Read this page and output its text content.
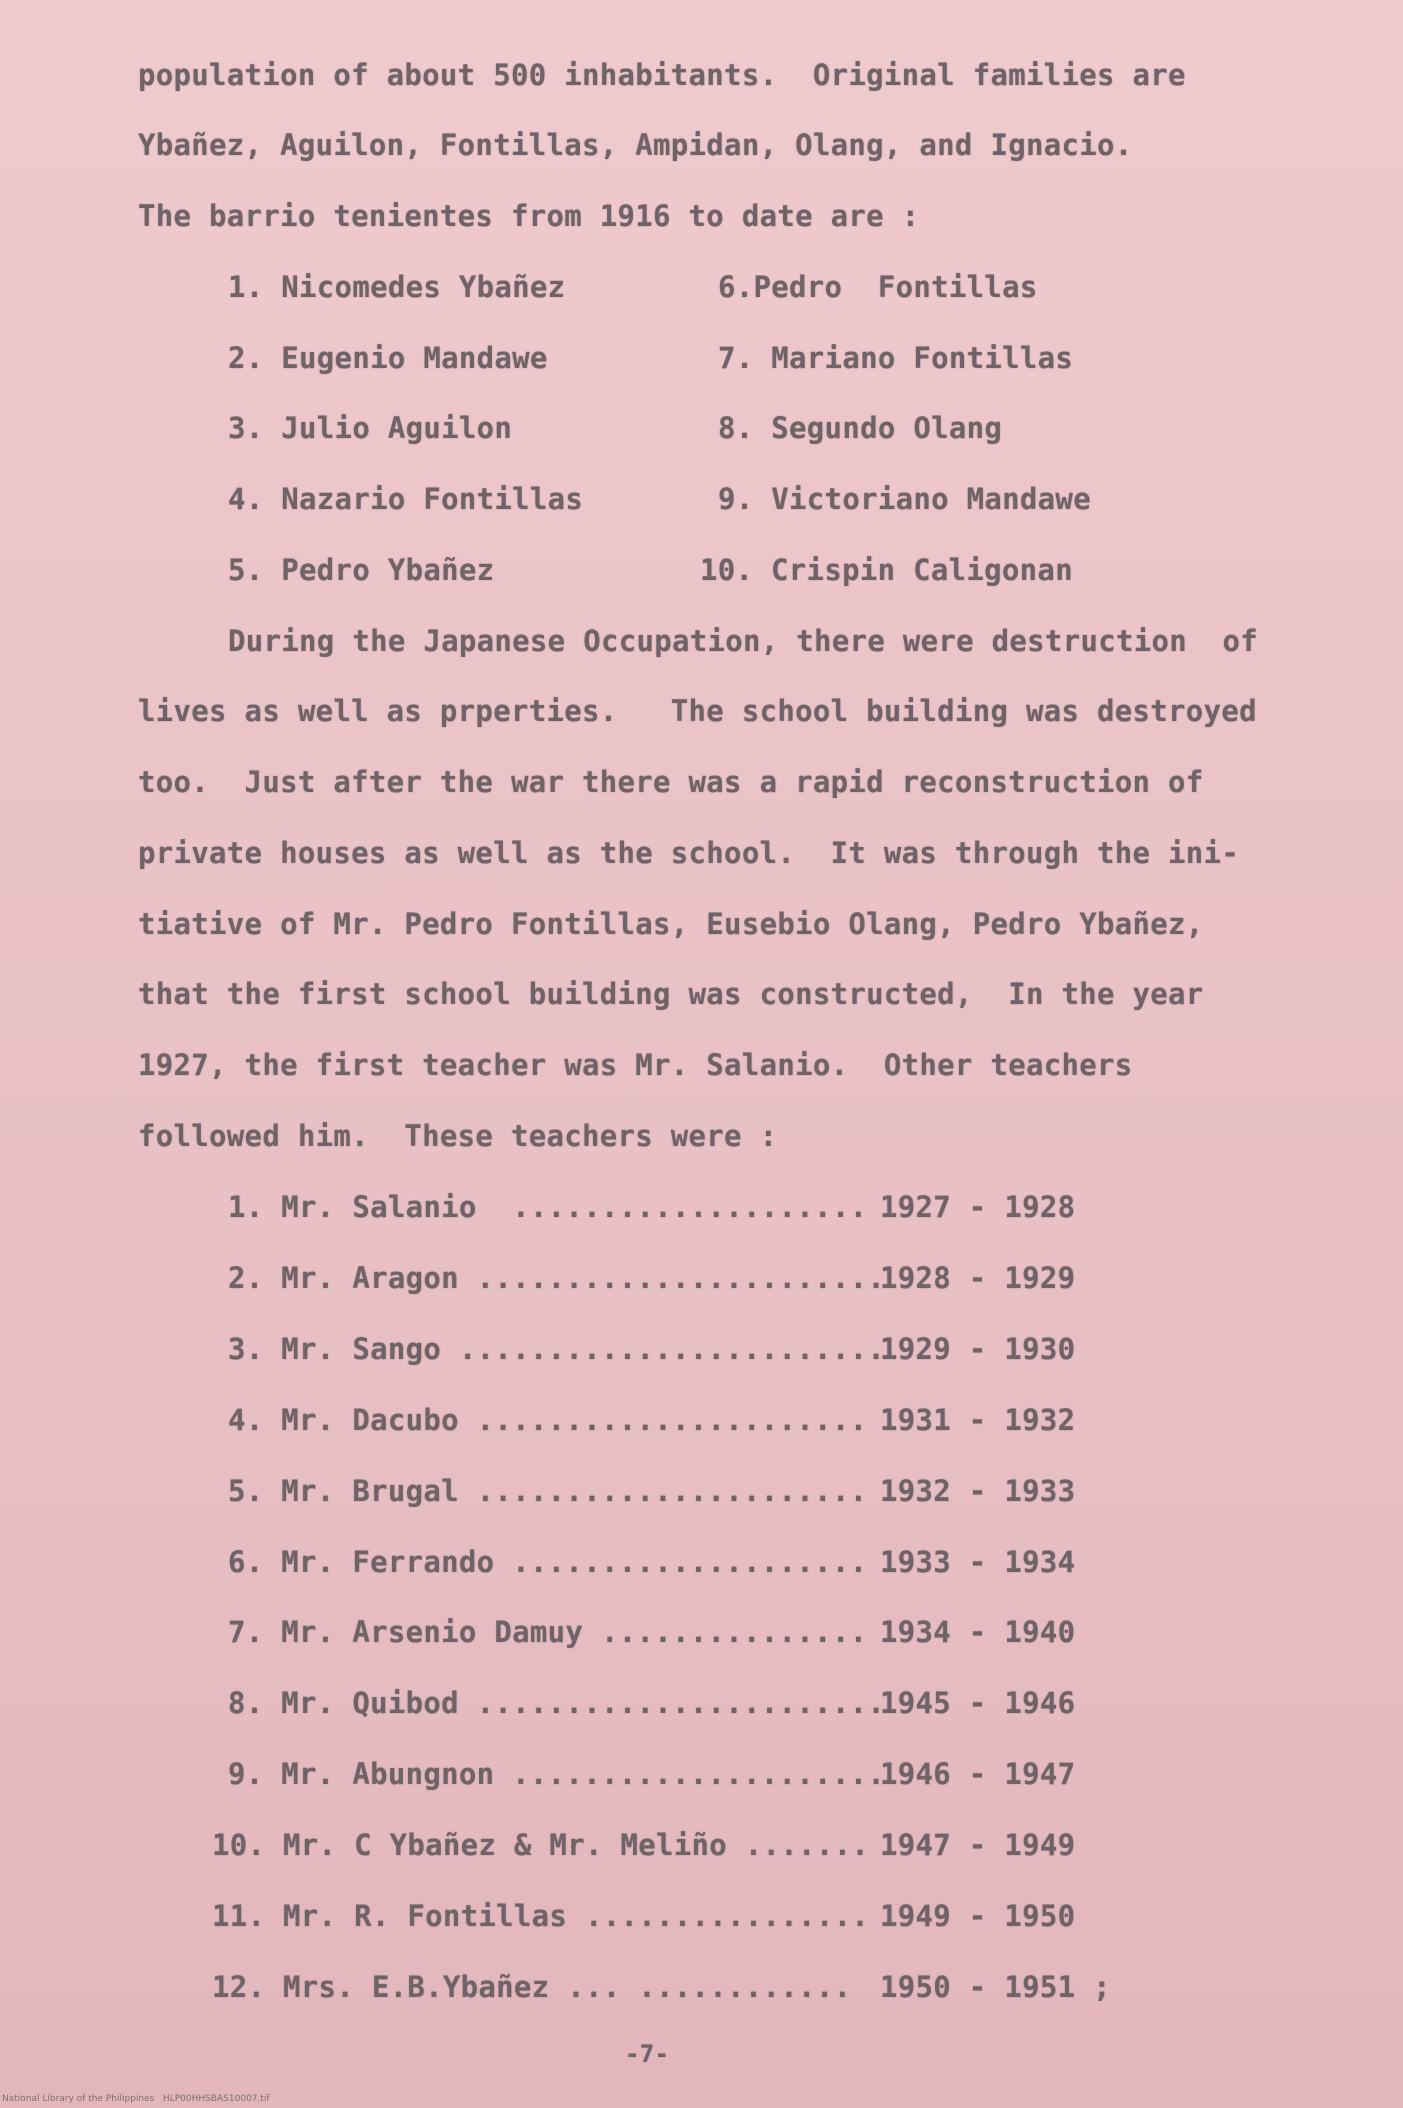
population of about 500 inhabitants.  Original families are
Ybañez, Aguilon, Fontillas, Ampidan, Olang, and Ignacio.
The barrio tenientes from 1916 to date are :
1. Nicomedes Ybañez
2. Eugenio Mandawe
3. Julio Aguilon
4. Nazario Fontillas
5. Pedro Ybañez
6.Pedro  Fontillas
7. Mariano Fontillas
8. Segundo Olang
9. Victoriano Mandawe
10. Crispin Caligonan
During the Japanese Occupation, there were destruction  of
lives as well as prperties.   The school building was destroyed
too.  Just after the war there was a rapid reconstruction of
private houses as well as the school.  It was through the ini-
tiative of Mr. Pedro Fontillas, Eusebio Olang, Pedro Ybañez,
that the first school building was constructed,  In the year
1927, the first teacher was Mr. Salanio.  Other teachers
followed him.  These teachers were :
1. Mr. Salanio  .................... 1927 - 1928
2. Mr. Aragon .......................
1928 - 1929
3. Mr. Sango ........................
1929 - 1930
4. Mr. Dacubo ...................... 1931 - 1932
5. Mr. Brugal ...................... 1932 - 1933
6. Mr. Ferrando .................... 1933 - 1934
7. Mr. Arsenio Damuy ............... 1934 - 1940
8. Mr. Quibod .......................
1945 - 1946
9. Mr. Abungnon .....................
1946 - 1947
10. Mr. C Ybañez & Mr. Meliño ....... 1947 - 1949
11. Mr. R. Fontillas ................ 1949 - 1950
12. Mrs. E.B.Ybañez ... ............ 1950 - 1951 ;
-7-
National Library of the Philippines   HLP00HHSBAS10007.tif
